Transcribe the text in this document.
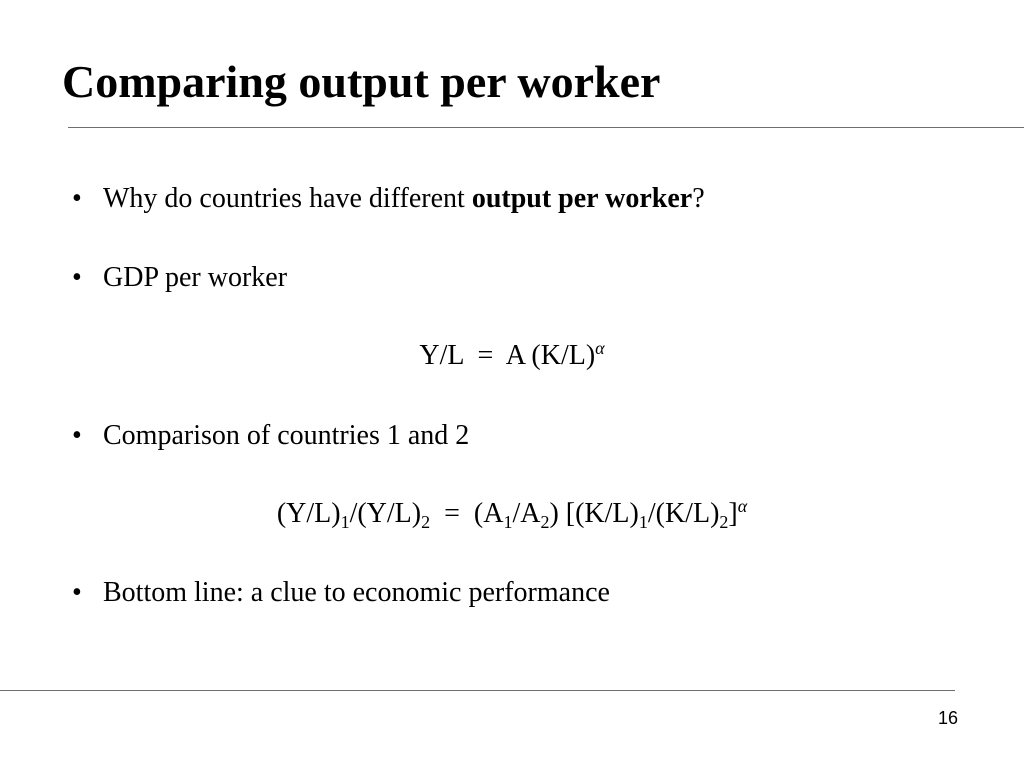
Comparing output per worker
• Why do countries have different output per worker?
• GDP per worker
Y/L  =  A $(K/L)^\alpha$
• Comparison of countries 1 and 2
$(Y/L)_1/(Y/L)_2 = (A_1/A_2)$ $[(K/L)_1/(K/L)_2]^\alpha$
• Bottom line: a clue to economic performance
16
